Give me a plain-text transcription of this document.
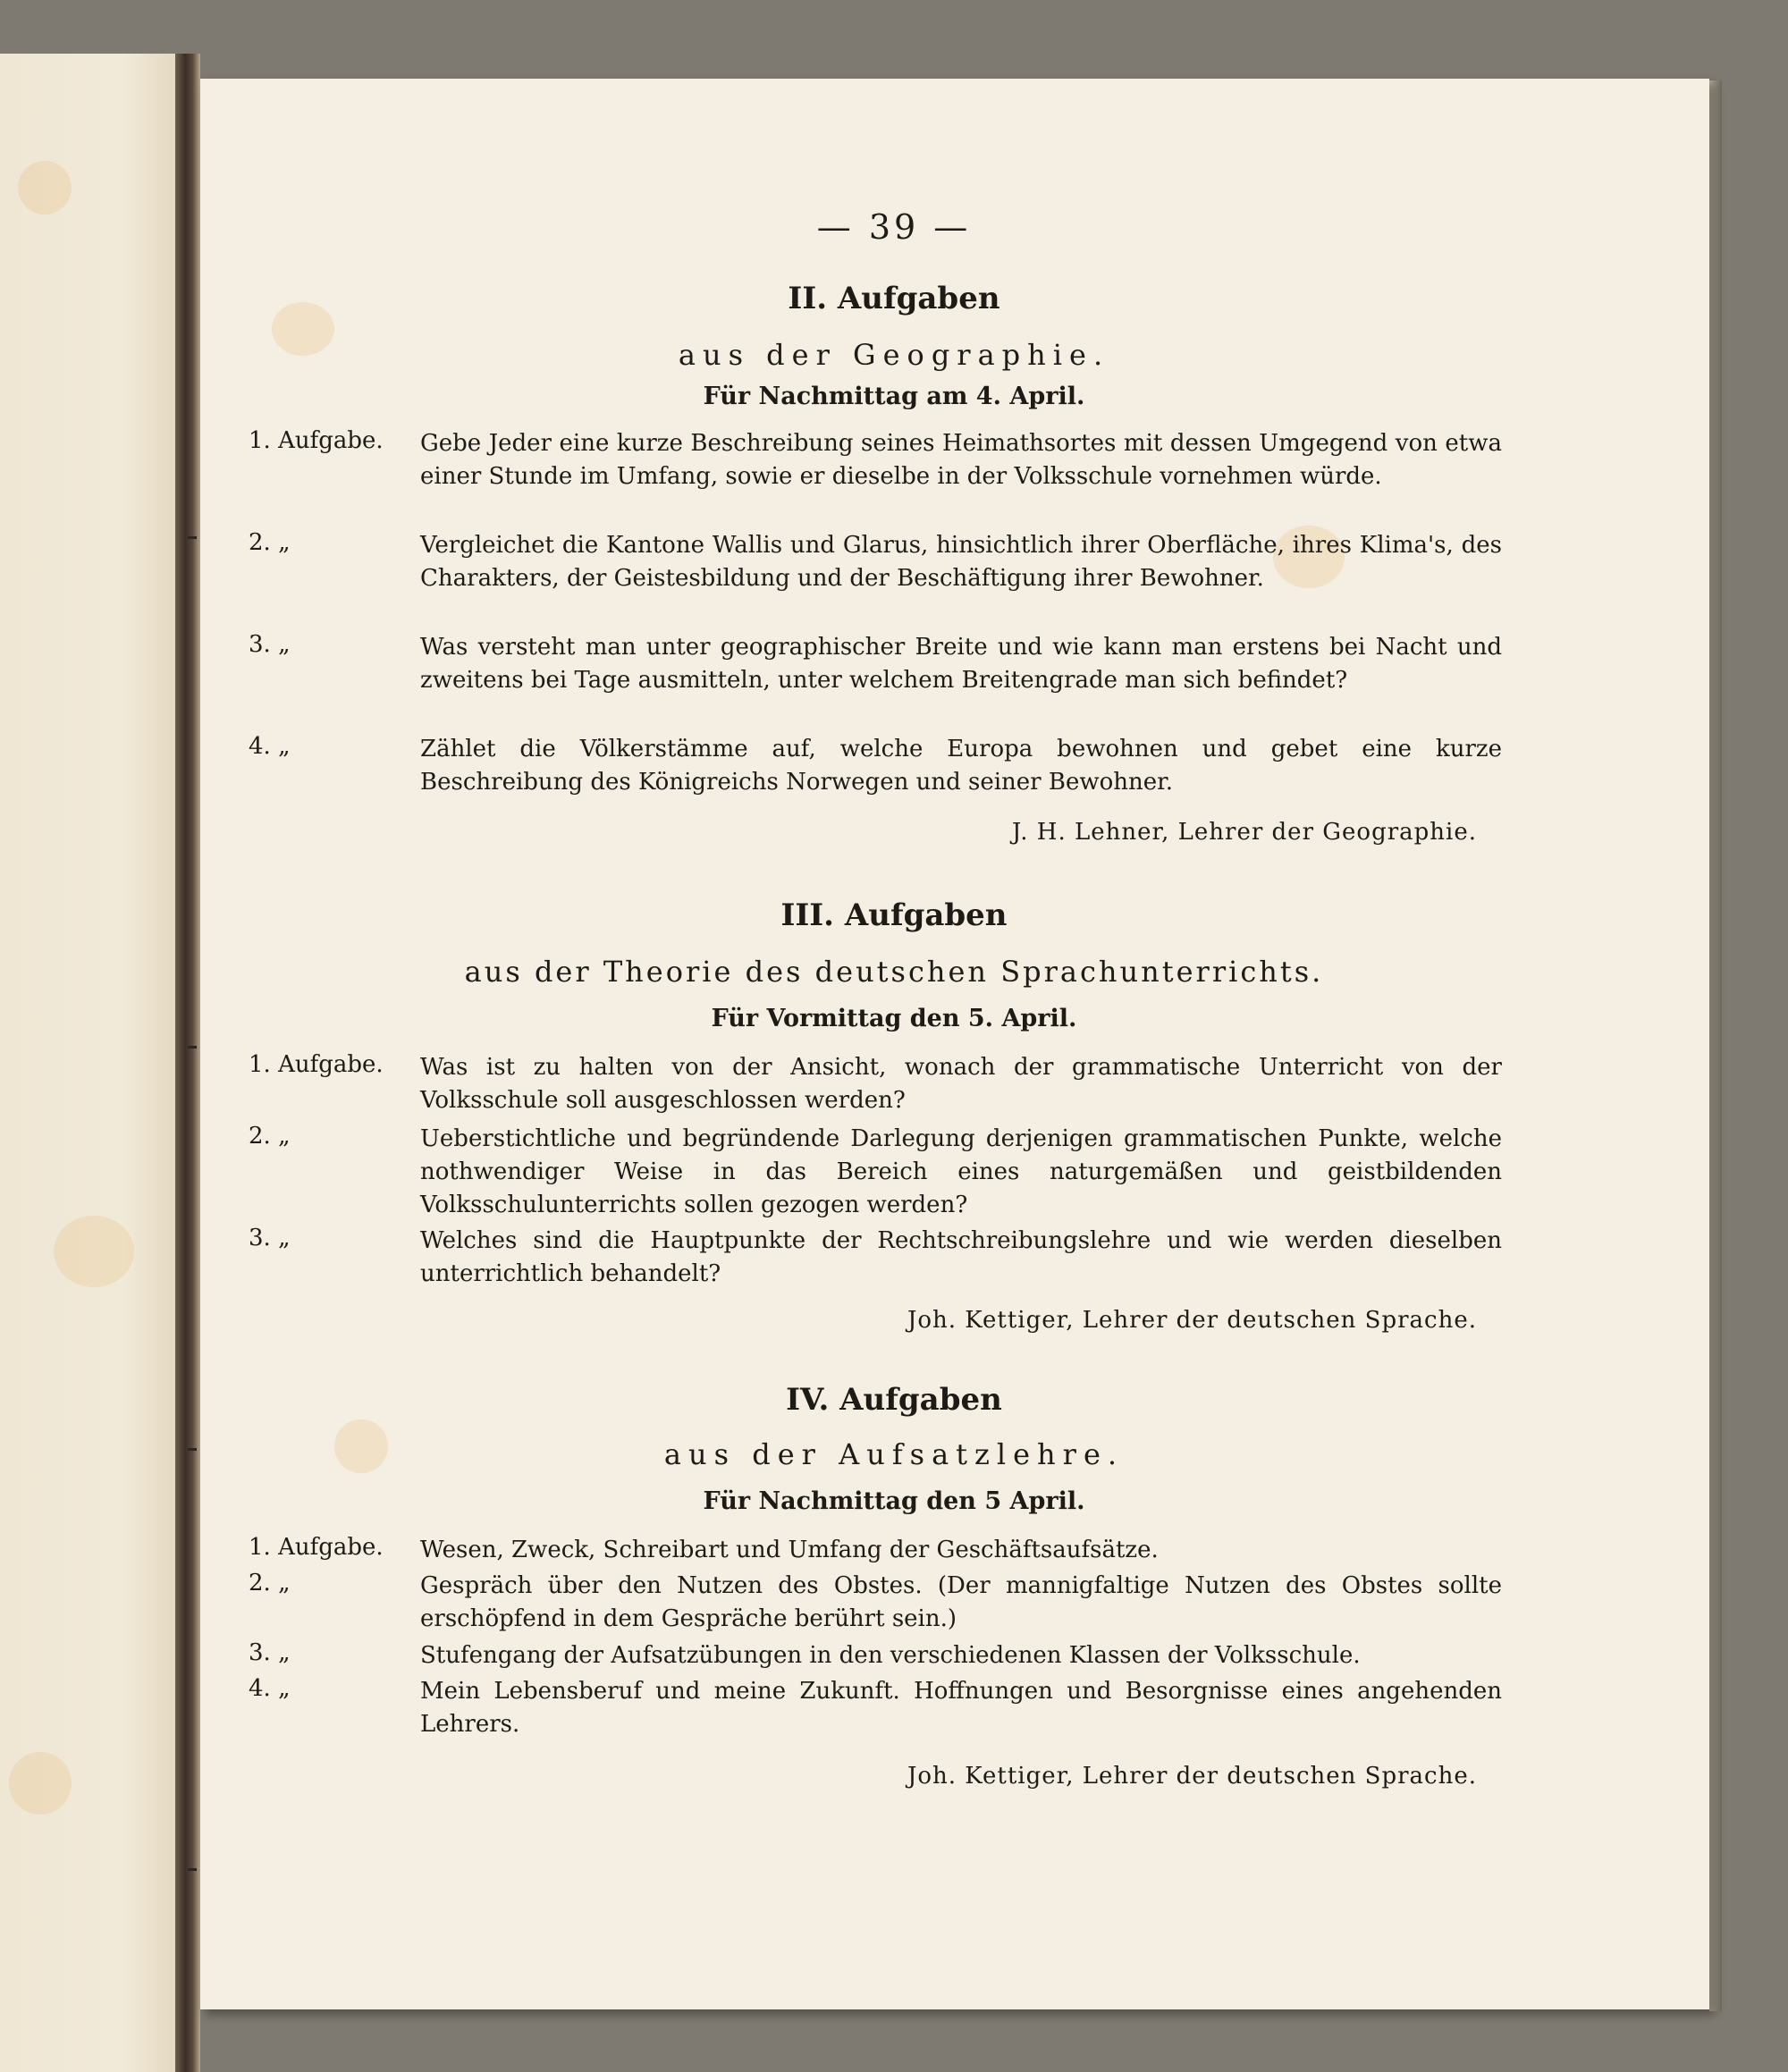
— 39 —
II. Aufgaben
aus der Geographie.
Für Nachmittag am 4. April.
1. Aufgabe.	Gebe Jeder eine kurze Beschreibung seines Heimathsortes mit dessen Umgegend von etwa einer Stunde im Umfang, sowie er dieselbe in der Volksschule vornehmen würde.
2. „	Vergleichet die Kantone Wallis und Glarus, hinsichtlich ihrer Oberfläche, ihres Klima's, des Charakters, der Geistesbildung und der Beschäftigung ihrer Bewohner.
3. „	Was versteht man unter geographischer Breite und wie kann man erstens bei Nacht und zweitens bei Tage ausmitteln, unter welchem Breitengrade man sich befindet?
4. „	Zählet die Völkerstämme auf, welche Europa bewohnen und gebet eine kurze Beschreibung des Königreichs Norwegen und seiner Bewohner.
J. H. Lehner, Lehrer der Geographie.
III. Aufgaben
aus der Theorie des deutschen Sprachunterrichts.
Für Vormittag den 5. April.
1. Aufgabe.	Was ist zu halten von der Ansicht, wonach der grammatische Unterricht von der Volksschule soll ausgeschlossen werden?
2. „	Ueberstichtliche und begründende Darlegung derjenigen grammatischen Punkte, welche nothwendiger Weise in das Bereich eines naturgemäßen und geistbildenden Volksschulunterrichts sollen gezogen werden?
3. „	Welches sind die Hauptpunkte der Rechtschreibungslehre und wie werden dieselben unterrichtlich behandelt?
Joh. Kettiger, Lehrer der deutschen Sprache.
IV. Aufgaben
aus der Aufsatzlehre.
Für Nachmittag den 5 April.
1. Aufgabe.	Wesen, Zweck, Schreibart und Umfang der Geschäftsaufsätze.
2. „	Gespräch über den Nutzen des Obstes. (Der mannigfaltige Nutzen des Obstes sollte erschöpfend in dem Gespräche berührt sein.)
3. „	Stufengang der Aufsatzübungen in den verschiedenen Klassen der Volksschule.
4. „	Mein Lebensberuf und meine Zukunft. Hoffnungen und Besorgnisse eines angehenden Lehrers.
Joh. Kettiger, Lehrer der deutschen Sprache.
